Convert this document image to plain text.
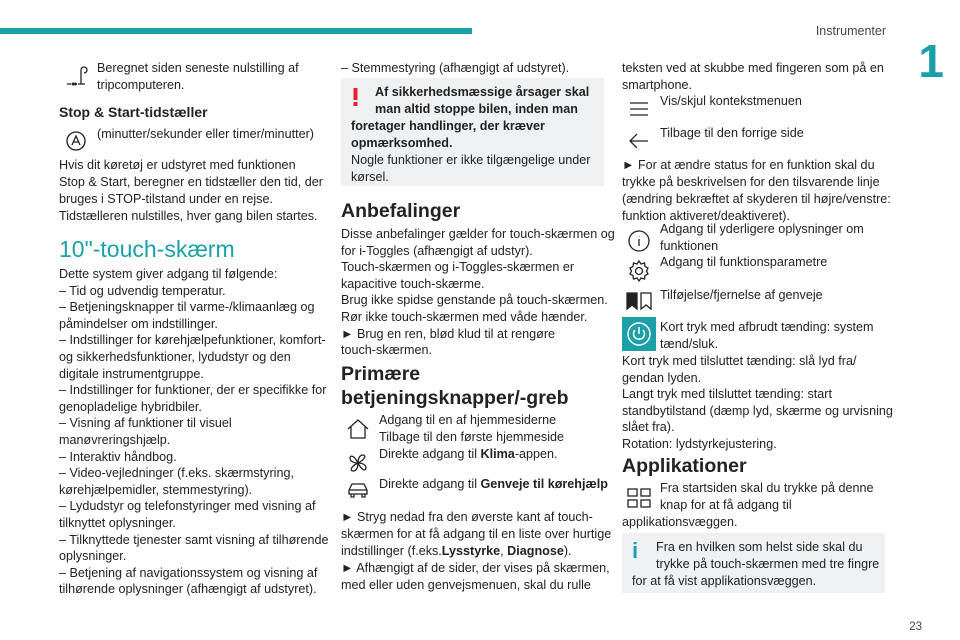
Instrumenter
1
23
Beregnet siden seneste nulstilling af
tripcomputeren.
Stop & Start-tidstæller
(minutter/sekunder eller timer/minutter)
Hvis dit køretøj er udstyret med funktionen
Stop & Start, beregner en tidstæller den tid, der
bruges i STOP-tilstand under en rejse.
Tidstælleren nulstilles, hver gang bilen startes.
10"-touch-skærm
Dette system giver adgang til følgende:
– Tid og udvendig temperatur.
– Betjeningsknapper til varme-/klimaanlæg og
påmindelser om indstillinger.
– Indstillinger for kørehjælpefunktioner, komfort-
og sikkerhedsfunktioner, lydudstyr og den
digitale instrumentgruppe.
– Indstillinger for funktioner, der er specifikke for
genopladelige hybridbiler.
– Visning af funktioner til visuel
manøvreringshjælp.
– Interaktiv håndbog.
– Video-vejledninger (f.eks. skærmstyring,
kørehjælpemidler, stemmestyring).
– Lydudstyr og telefonstyringer med visning af
tilknyttet oplysninger.
– Tilknyttede tjenester samt visning af tilhørende
oplysninger.
– Betjening af navigationssystem og visning af
tilhørende oplysninger (afhængigt af udstyret).
– Stemmestyring (afhængigt af udstyret).
Af sikkerhedsmæssige årsager skal
man altid stoppe bilen, inden man
foretager handlinger, der kræver
opmærksomhed.
Nogle funktioner er ikke tilgængelige under
kørsel.
Anbefalinger
Disse anbefalinger gælder for touch-skærmen og
for i-Toggles (afhængigt af udstyr).
Touch-skærmen og i-Toggles-skærmen er
kapacitive touch-skærme.
Brug ikke spidse genstande på touch-skærmen.
Rør ikke touch-skærmen med våde hænder.
► Brug en ren, blød klud til at rengøre
touch-skærmen.
Primære
betjeningsknapper/-greb
Adgang til en af hjemmesiderne
Tilbage til den første hjemmeside
Direkte adgang til Klima-appen.
Direkte adgang til Genveje til kørehjælp
► Stryg nedad fra den øverste kant af touch-
skærmen for at få adgang til en liste over hurtige
indstillinger (f.eks.Lysstyrke, Diagnose).
► Afhængigt af de sider, der vises på skærmen,
med eller uden genvejsmenuen, skal du rulle
teksten ved at skubbe med fingeren som på en
smartphone.
Vis/skjul kontekstmenuen
Tilbage til den forrige side
► For at ændre status for en funktion skal du
trykke på beskrivelsen for den tilsvarende linje
(ændring bekræftet af skyderen til højre/venstre:
funktion aktiveret/deaktiveret).
Adgang til yderligere oplysninger om
funktionen
Adgang til funktionsparametre
Tilføjelse/fjernelse af genveje
Kort tryk med afbrudt tænding: system
tænd/sluk.
Kort tryk med tilsluttet tænding: slå lyd fra/
gendan lyden.
Langt tryk med tilsluttet tænding: start
standbytilstand (dæmp lyd, skærme og urvisning
slået fra).
Rotation: lydstyrkejustering.
Applikationer
Fra startsiden skal du trykke på denne
knap for at få adgang til
applikationsvæggen.
i Fra en hvilken som helst side skal du
trykke på touch-skærmen med tre fingre
for at få vist applikationsvæggen.
